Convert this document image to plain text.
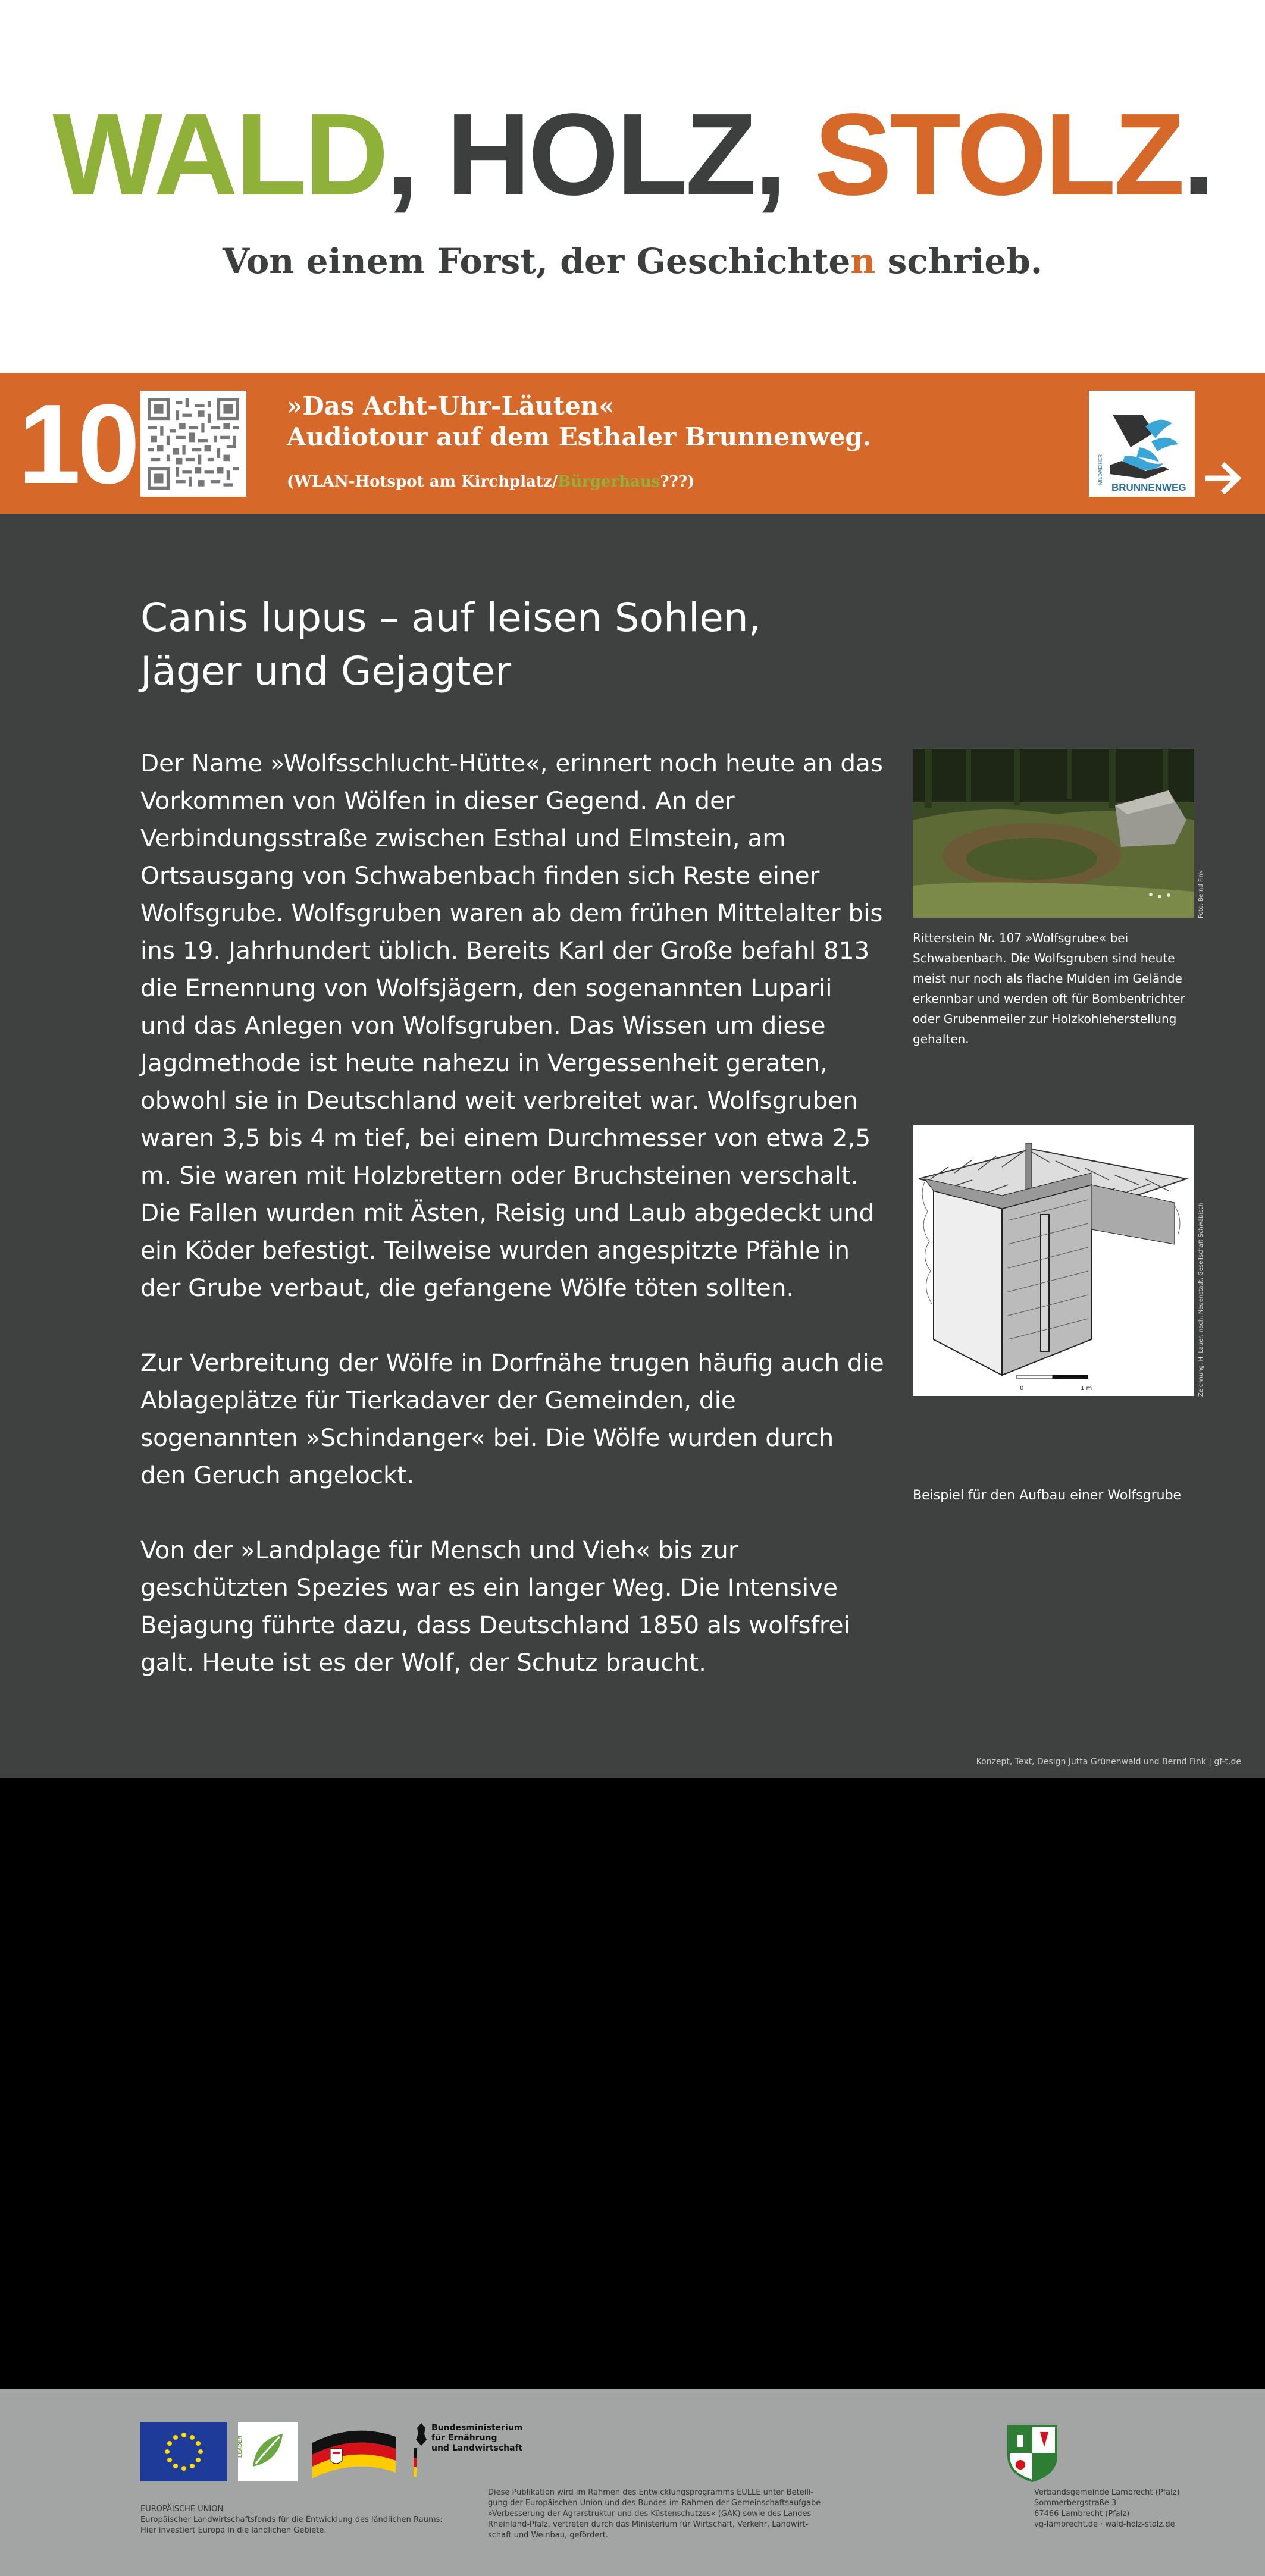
WALD, HOLZ, STOLZ.
Von einem Forst, der Geschichten schrieb.
10	»Das Acht-Uhr-Läuten«
Audiotour auf dem Esthaler Brunnenweg.
(WLAN-Hotspot am Kirchplatz/Bürgerhaus???)	BRUNNENWEG
MILDWEIHER
Canis lupus – auf leisen Sohlen,
Jäger und Gejagter

Der Name »Wolfsschlucht-Hütte«, erinnert noch heute an das Vorkommen von Wölfen in dieser Gegend. An der Verbindungsstraße zwischen Esthal und Elmstein, am Ortsausgang von Schwabenbach finden sich Reste einer Wolfsgrube. Wolfsgruben waren ab dem frühen Mittelalter bis ins 19. Jahrhundert üblich. Bereits Karl der Große befahl 813 die Ernennung von Wolfsjägern, den sogenannten Luparii und das Anlegen von Wolfsgruben. Das Wissen um diese Jagdmethode ist heute nahezu in Vergessenheit geraten, obwohl sie in Deutschland weit verbreitet war. Wolfsgruben waren 3,5 bis 4 m tief, bei einem Durchmesser von etwa 2,5 m. Sie waren mit Holzbrettern oder Bruchsteinen verschalt. Die Fallen wurden mit Ästen, Reisig und Laub abgedeckt und ein Köder befestigt. Teilweise wurden angespitzte Pfähle in der Grube verbaut, die gefangene Wölfe töten sollten.

Zur Verbreitung der Wölfe in Dorfnähe trugen häufig auch die Ablageplätze für Tierkadaver der Gemeinden, die sogenannten »Schindanger« bei. Die Wölfe wurden durch den Geruch angelockt.

Von der »Landplage für Mensch und Vieh« bis zur geschützten Spezies war es ein langer Weg. Die Intensive Bejagung führte dazu, dass Deutschland 1850 als wolfsfrei galt. Heute ist es der Wolf, der Schutz braucht.

Foto: Bernd Fink
Ritterstein Nr. 107 »Wolfsgrube« bei Schwabenbach. Die Wolfsgruben sind heute meist nur noch als flache Mulden im Gelände erkennbar und werden oft für Bombentrichter oder Grubenmeiler zur Holzkohleherstellung gehalten.
0	1 m	Zeichnung: H. Lauer, nach: Neuenstadt, Gesellschaft Schwäbisch
Beispiel für den Aufbau einer Wolfsgrube
Konzept, Text, Design Jutta Grünenwald und Bernd Fink | gf-t.de
LEADER
Bundesministerium
für Ernährung
und Landwirtschaft
EUROPÄISCHE UNION
Europäischer Landwirtschaftsfonds für die Entwicklung des ländlichen Raums:
Hier investiert Europa in die ländlichen Gebiete.
Diese Publikation wird im Rahmen des Entwicklungsprogramms EULLE unter Beteili-
gung der Europäischen Union und des Bundes im Rahmen der Gemeinschaftsaufgabe
»Verbesserung der Agrarstruktur und des Küstenschutzes« (GAK) sowie des Landes
Rheinland-Pfalz, vertreten durch das Ministerium für Wirtschaft, Verkehr, Landwirt-
schaft und Weinbau, gefördert.
Verbandsgemeinde Lambrecht (Pfalz)
Sommerbergstraße 3
67466 Lambrecht (Pfalz)
vg-lambrecht.de · wald-holz-stolz.de
